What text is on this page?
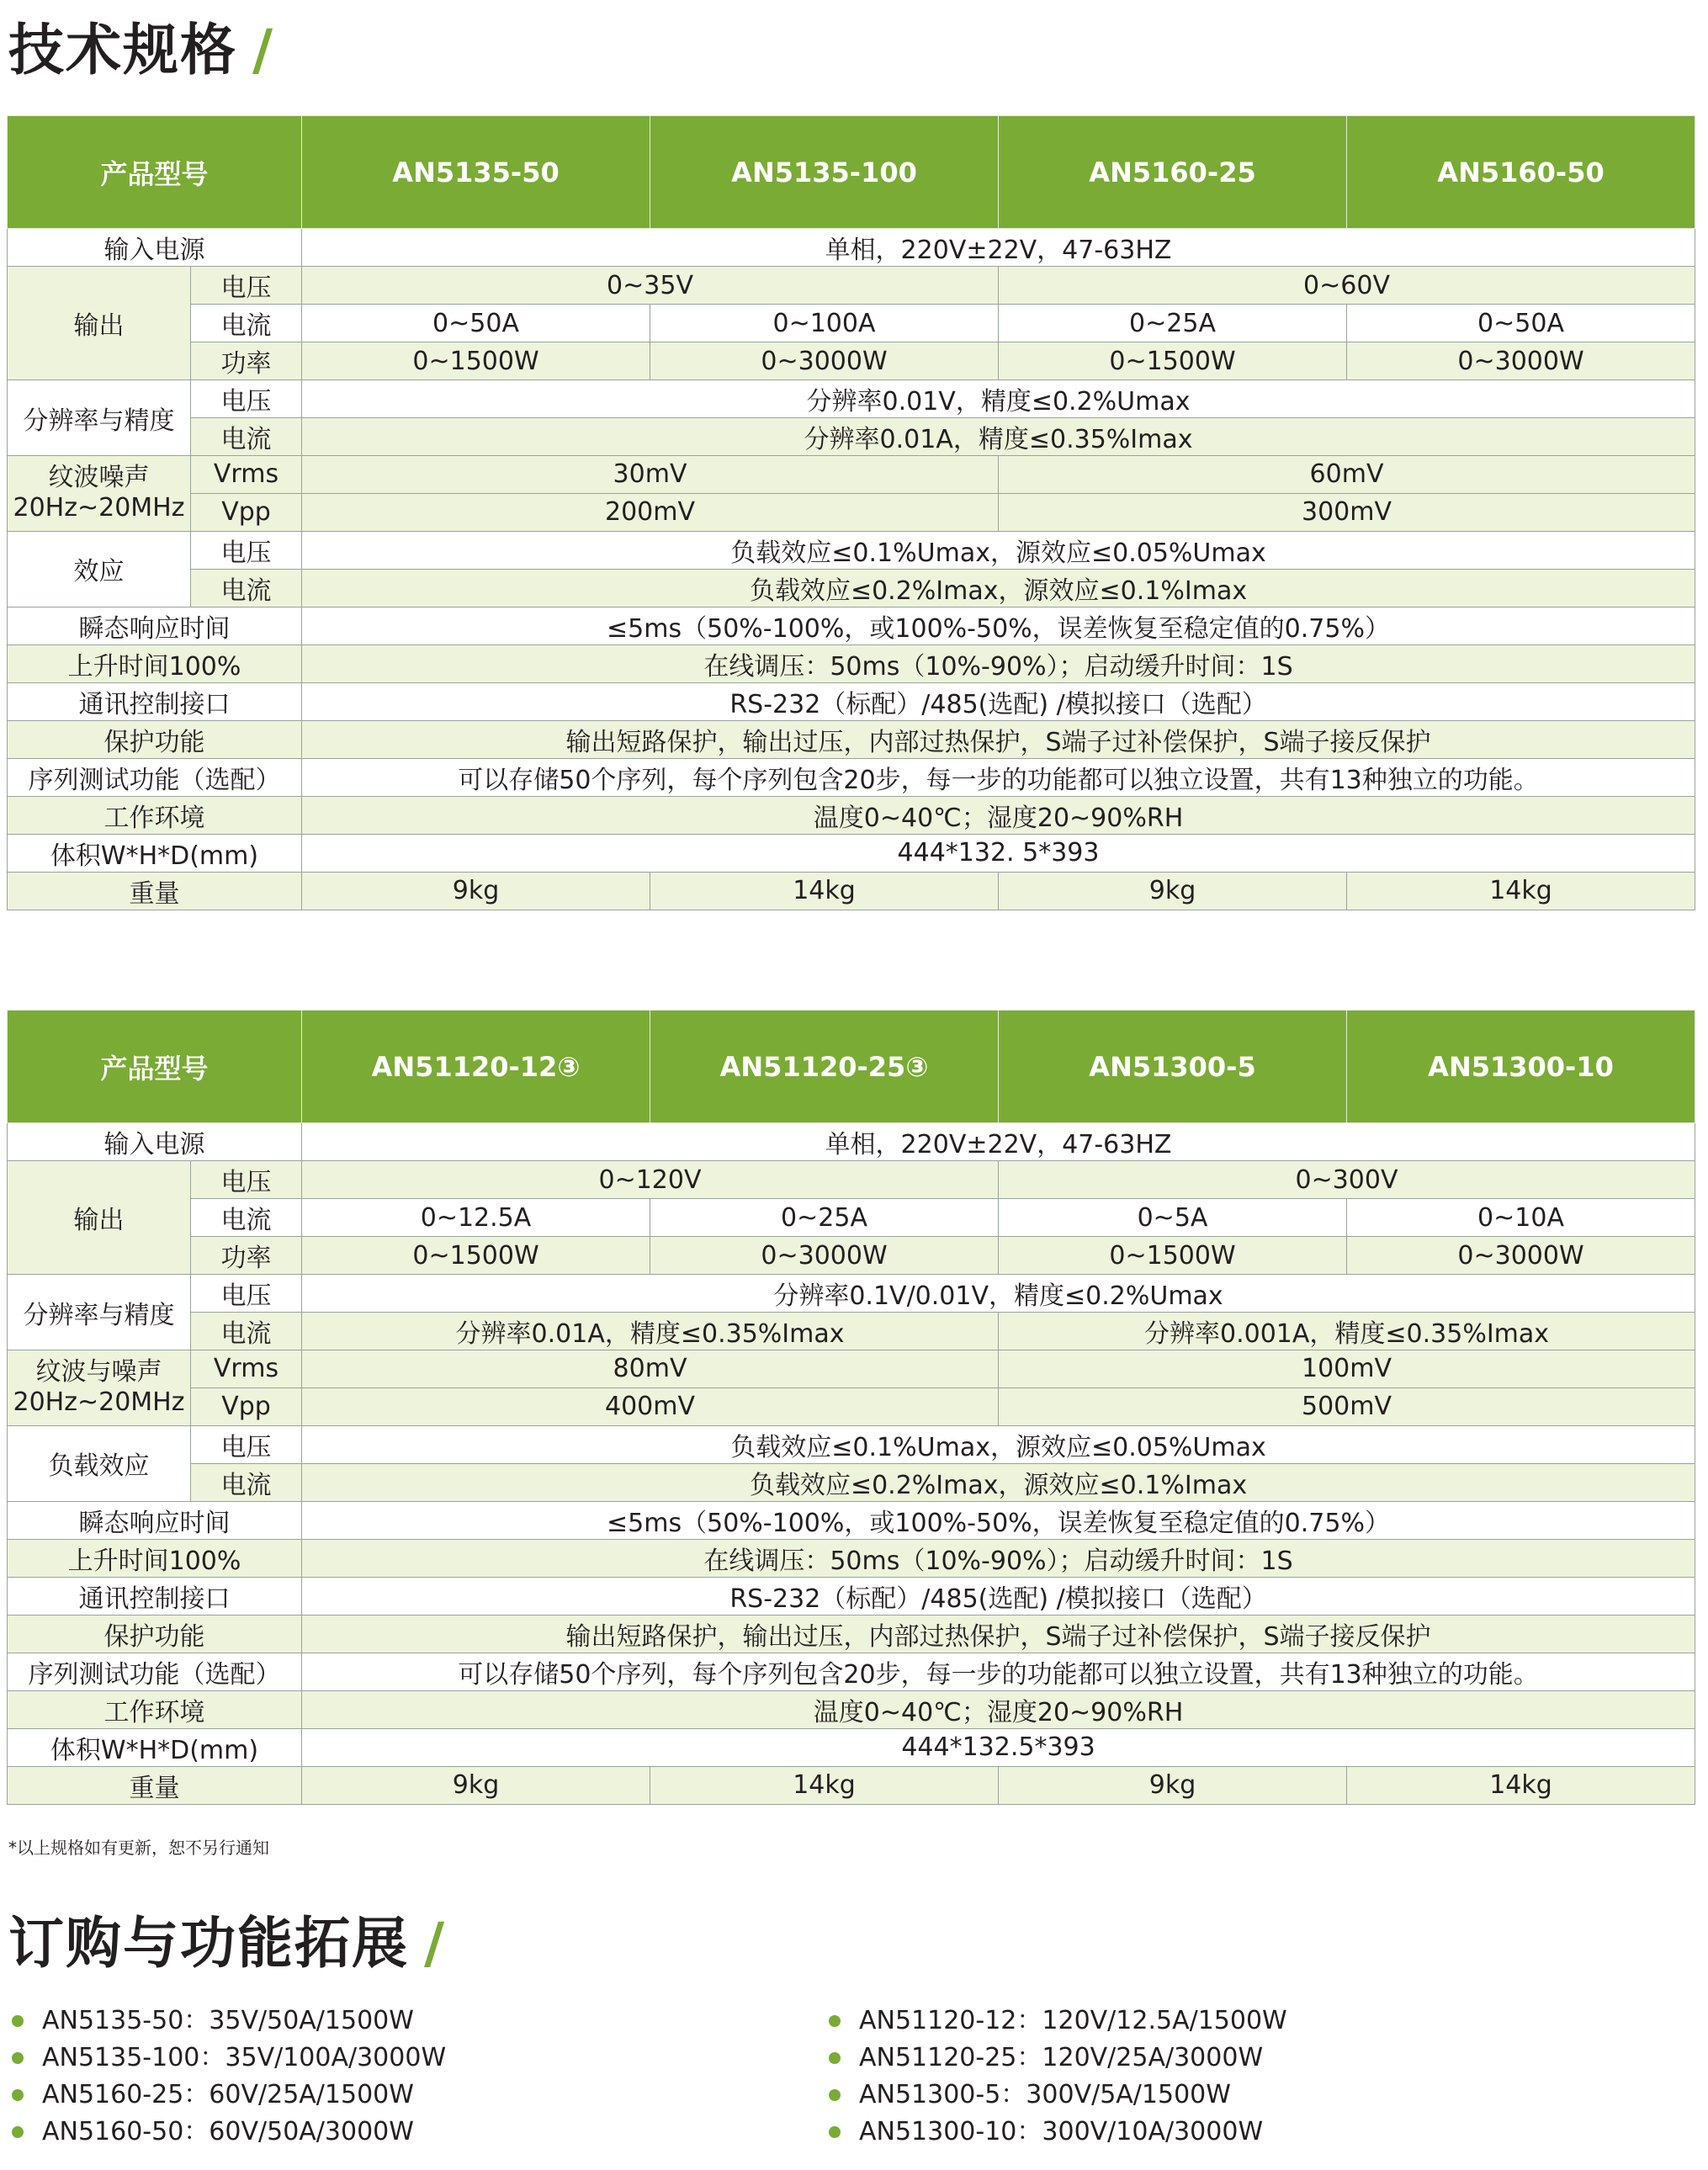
技术规格 /
产品型号		AN5135-50	AN5135-100	AN5160-25	AN5160-50
输入电源		单相，220V±22V，47-63HZ			
输出	电压	0~35V		0~60V	
	电流	0~50A	0~100A	0~25A	0~50A
	功率	0~1500W	0~3000W	0~1500W	0~3000W
分辨率与精度	电压	分辨率0.01V，精度≤0.2%Umax			
	电流	分辨率0.01A，精度≤0.35%Imax			
纹波噪声
20Hz~20MHz	Vrms	30mV		60mV	
	Vpp	200mV		300mV	
效应	电压	负载效应≤0.1%Umax，源效应≤0.05%Umax			
	电流	负载效应≤0.2%Imax，源效应≤0.1%Imax			
瞬态响应时间		≤5ms（50%-100%，或100%-50%，误差恢复至稳定值的0.75%）			
上升时间100%		在线调压：50ms（10%-90%）；启动缓升时间：1S			
通讯控制接口		RS-232（标配）/485(选配) /模拟接口（选配）			
保护功能		输出短路保护，输出过压，内部过热保护，S端子过补偿保护，S端子接反保护			
序列测试功能（选配）		可以存储50个序列，每个序列包含20步，每一步的功能都可以独立设置，共有13种独立的功能。			
工作环境		温度0~40℃；湿度20~90%RH			
体积W*H*D(mm)		444*132. 5*393			
重量		9kg	14kg	9kg	14kg
产品型号		AN51120-12③	AN51120-25③	AN51300-5	AN51300-10
输入电源		单相，220V±22V，47-63HZ			
输出	电压	0~120V		0~300V	
	电流	0~12.5A	0~25A	0~5A	0~10A
	功率	0~1500W	0~3000W	0~1500W	0~3000W
分辨率与精度	电压	分辨率0.1V/0.01V，精度≤0.2%Umax			
	电流	分辨率0.01A，精度≤0.35%Imax		分辨率0.001A，精度≤0.35%Imax	
纹波与噪声
20Hz~20MHz	Vrms	80mV		100mV	
	Vpp	400mV		500mV	
负载效应	电压	负载效应≤0.1%Umax，源效应≤0.05%Umax			
	电流	负载效应≤0.2%Imax，源效应≤0.1%Imax			
瞬态响应时间		≤5ms（50%-100%，或100%-50%，误差恢复至稳定值的0.75%）			
上升时间100%		在线调压：50ms（10%-90%）；启动缓升时间：1S			
通讯控制接口		RS-232（标配）/485(选配) /模拟接口（选配）			
保护功能		输出短路保护，输出过压，内部过热保护，S端子过补偿保护，S端子接反保护			
序列测试功能（选配）		可以存储50个序列，每个序列包含20步，每一步的功能都可以独立设置，共有13种独立的功能。			
工作环境		温度0~40℃；湿度20~90%RH			
体积W*H*D(mm)		444*132.5*393			
重量		9kg	14kg	9kg	14kg

*以上规格如有更新，恕不另行通知

订购与功能拓展 /
AN5135-50：35V/50A/1500W
AN5135-100：35V/100A/3000W
AN5160-25：60V/25A/1500W
AN5160-50：60V/50A/3000W
AN51120-12：120V/12.5A/1500W
AN51120-25：120V/25A/3000W
AN51300-5：300V/5A/1500W
AN51300-10：300V/10A/3000W
